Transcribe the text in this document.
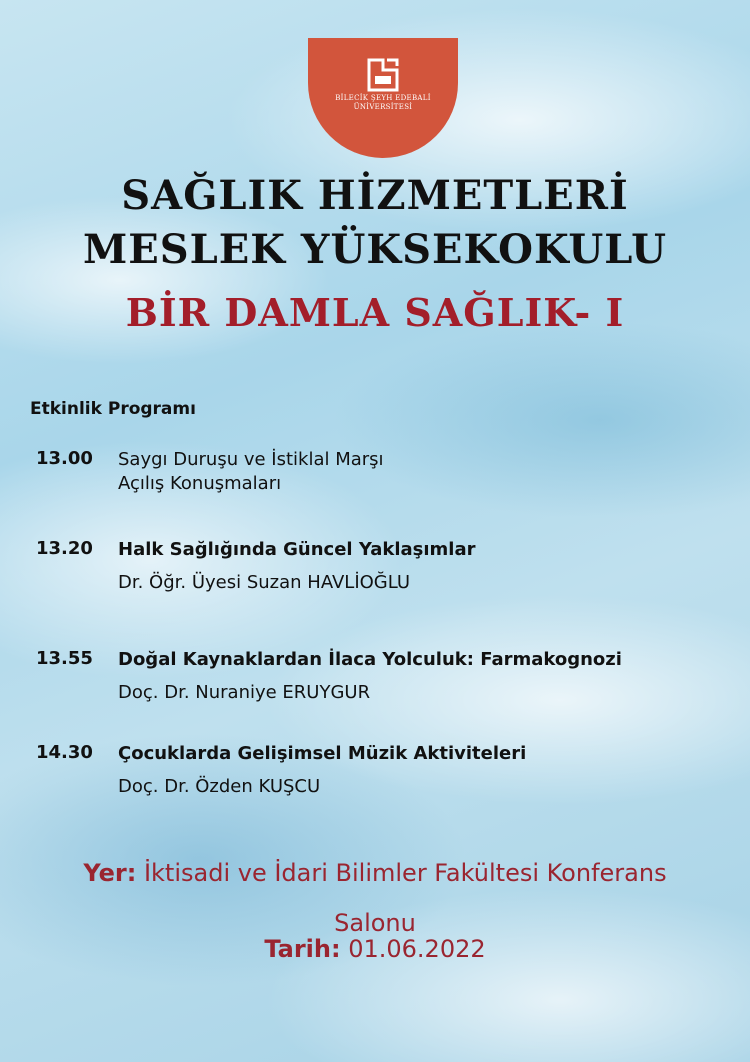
BİLECİK ŞEYH EDEBALİ
ÜNİVERSİTESİ
SAĞLIK HİZMETLERİ
MESLEK YÜKSEKOKULU
BİR DAMLA SAĞLIK- I
Etkinlik Programı
13.00 Saygı Duruşu ve İstiklal Marşı
Açılış Konuşmaları
13.20 Halk Sağlığında Güncel Yaklaşımlar
Dr. Öğr. Üyesi Suzan HAVLİOĞLU
13.55 Doğal Kaynaklardan İlaca Yolculuk: Farmakognozi
Doç. Dr. Nuraniye ERUYGUR
14.30 Çocuklarda Gelişimsel Müzik Aktiviteleri
Doç. Dr. Özden KUŞCU
Yer: İktisadi ve İdari Bilimler Fakültesi Konferans
Salonu
Tarih: 01.06.2022
